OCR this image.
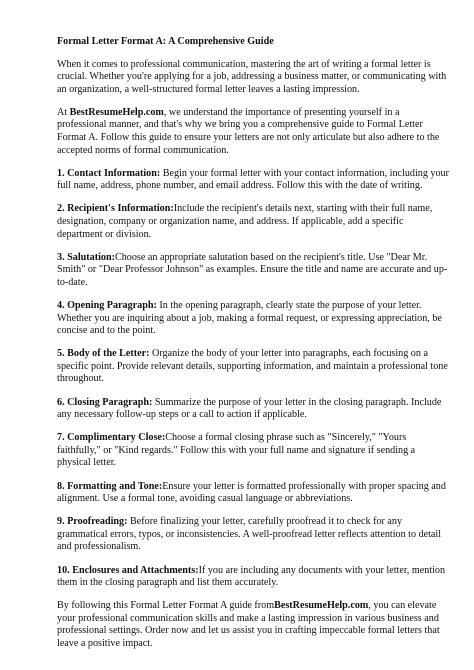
Formal Letter Format A: A Comprehensive Guide

When it comes to professional communication, mastering the art of writing a formal letter is crucial. Whether you're applying for a job, addressing a business matter, or communicating with an organization, a well-structured formal letter leaves a lasting impression.

At BestResumeHelp.com, we understand the importance of presenting yourself in a professional manner, and that's why we bring you a comprehensive guide to Formal Letter Format A. Follow this guide to ensure your letters are not only articulate but also adhere to the accepted norms of formal communication.

1. Contact Information: Begin your formal letter with your contact information, including your full name, address, phone number, and email address. Follow this with the date of writing.

2. Recipient's Information:Include the recipient's details next, starting with their full name, designation, company or organization name, and address. If applicable, add a specific department or division.

3. Salutation:Choose an appropriate salutation based on the recipient's title. Use "Dear Mr. Smith" or "Dear Professor Johnson" as examples. Ensure the title and name are accurate and up-to-date.

4. Opening Paragraph: In the opening paragraph, clearly state the purpose of your letter. Whether you are inquiring about a job, making a formal request, or expressing appreciation, be concise and to the point.

5. Body of the Letter: Organize the body of your letter into paragraphs, each focusing on a specific point. Provide relevant details, supporting information, and maintain a professional tone throughout.

6. Closing Paragraph: Summarize the purpose of your letter in the closing paragraph. Include any necessary follow-up steps or a call to action if applicable.

7. Complimentary Close:Choose a formal closing phrase such as "Sincerely," "Yours faithfully," or "Kind regards." Follow this with your full name and signature if sending a physical letter.

8. Formatting and Tone:Ensure your letter is formatted professionally with proper spacing and alignment. Use a formal tone, avoiding casual language or abbreviations.

9. Proofreading: Before finalizing your letter, carefully proofread it to check for any grammatical errors, typos, or inconsistencies. A well-proofread letter reflects attention to detail and professionalism.

10. Enclosures and Attachments:If you are including any documents with your letter, mention them in the closing paragraph and list them accurately.

By following this Formal Letter Format A guide fromBestResumeHelp.com, you can elevate your professional communication skills and make a lasting impression in various business and professional settings. Order now and let us assist you in crafting impeccable formal letters that leave a positive impact.
